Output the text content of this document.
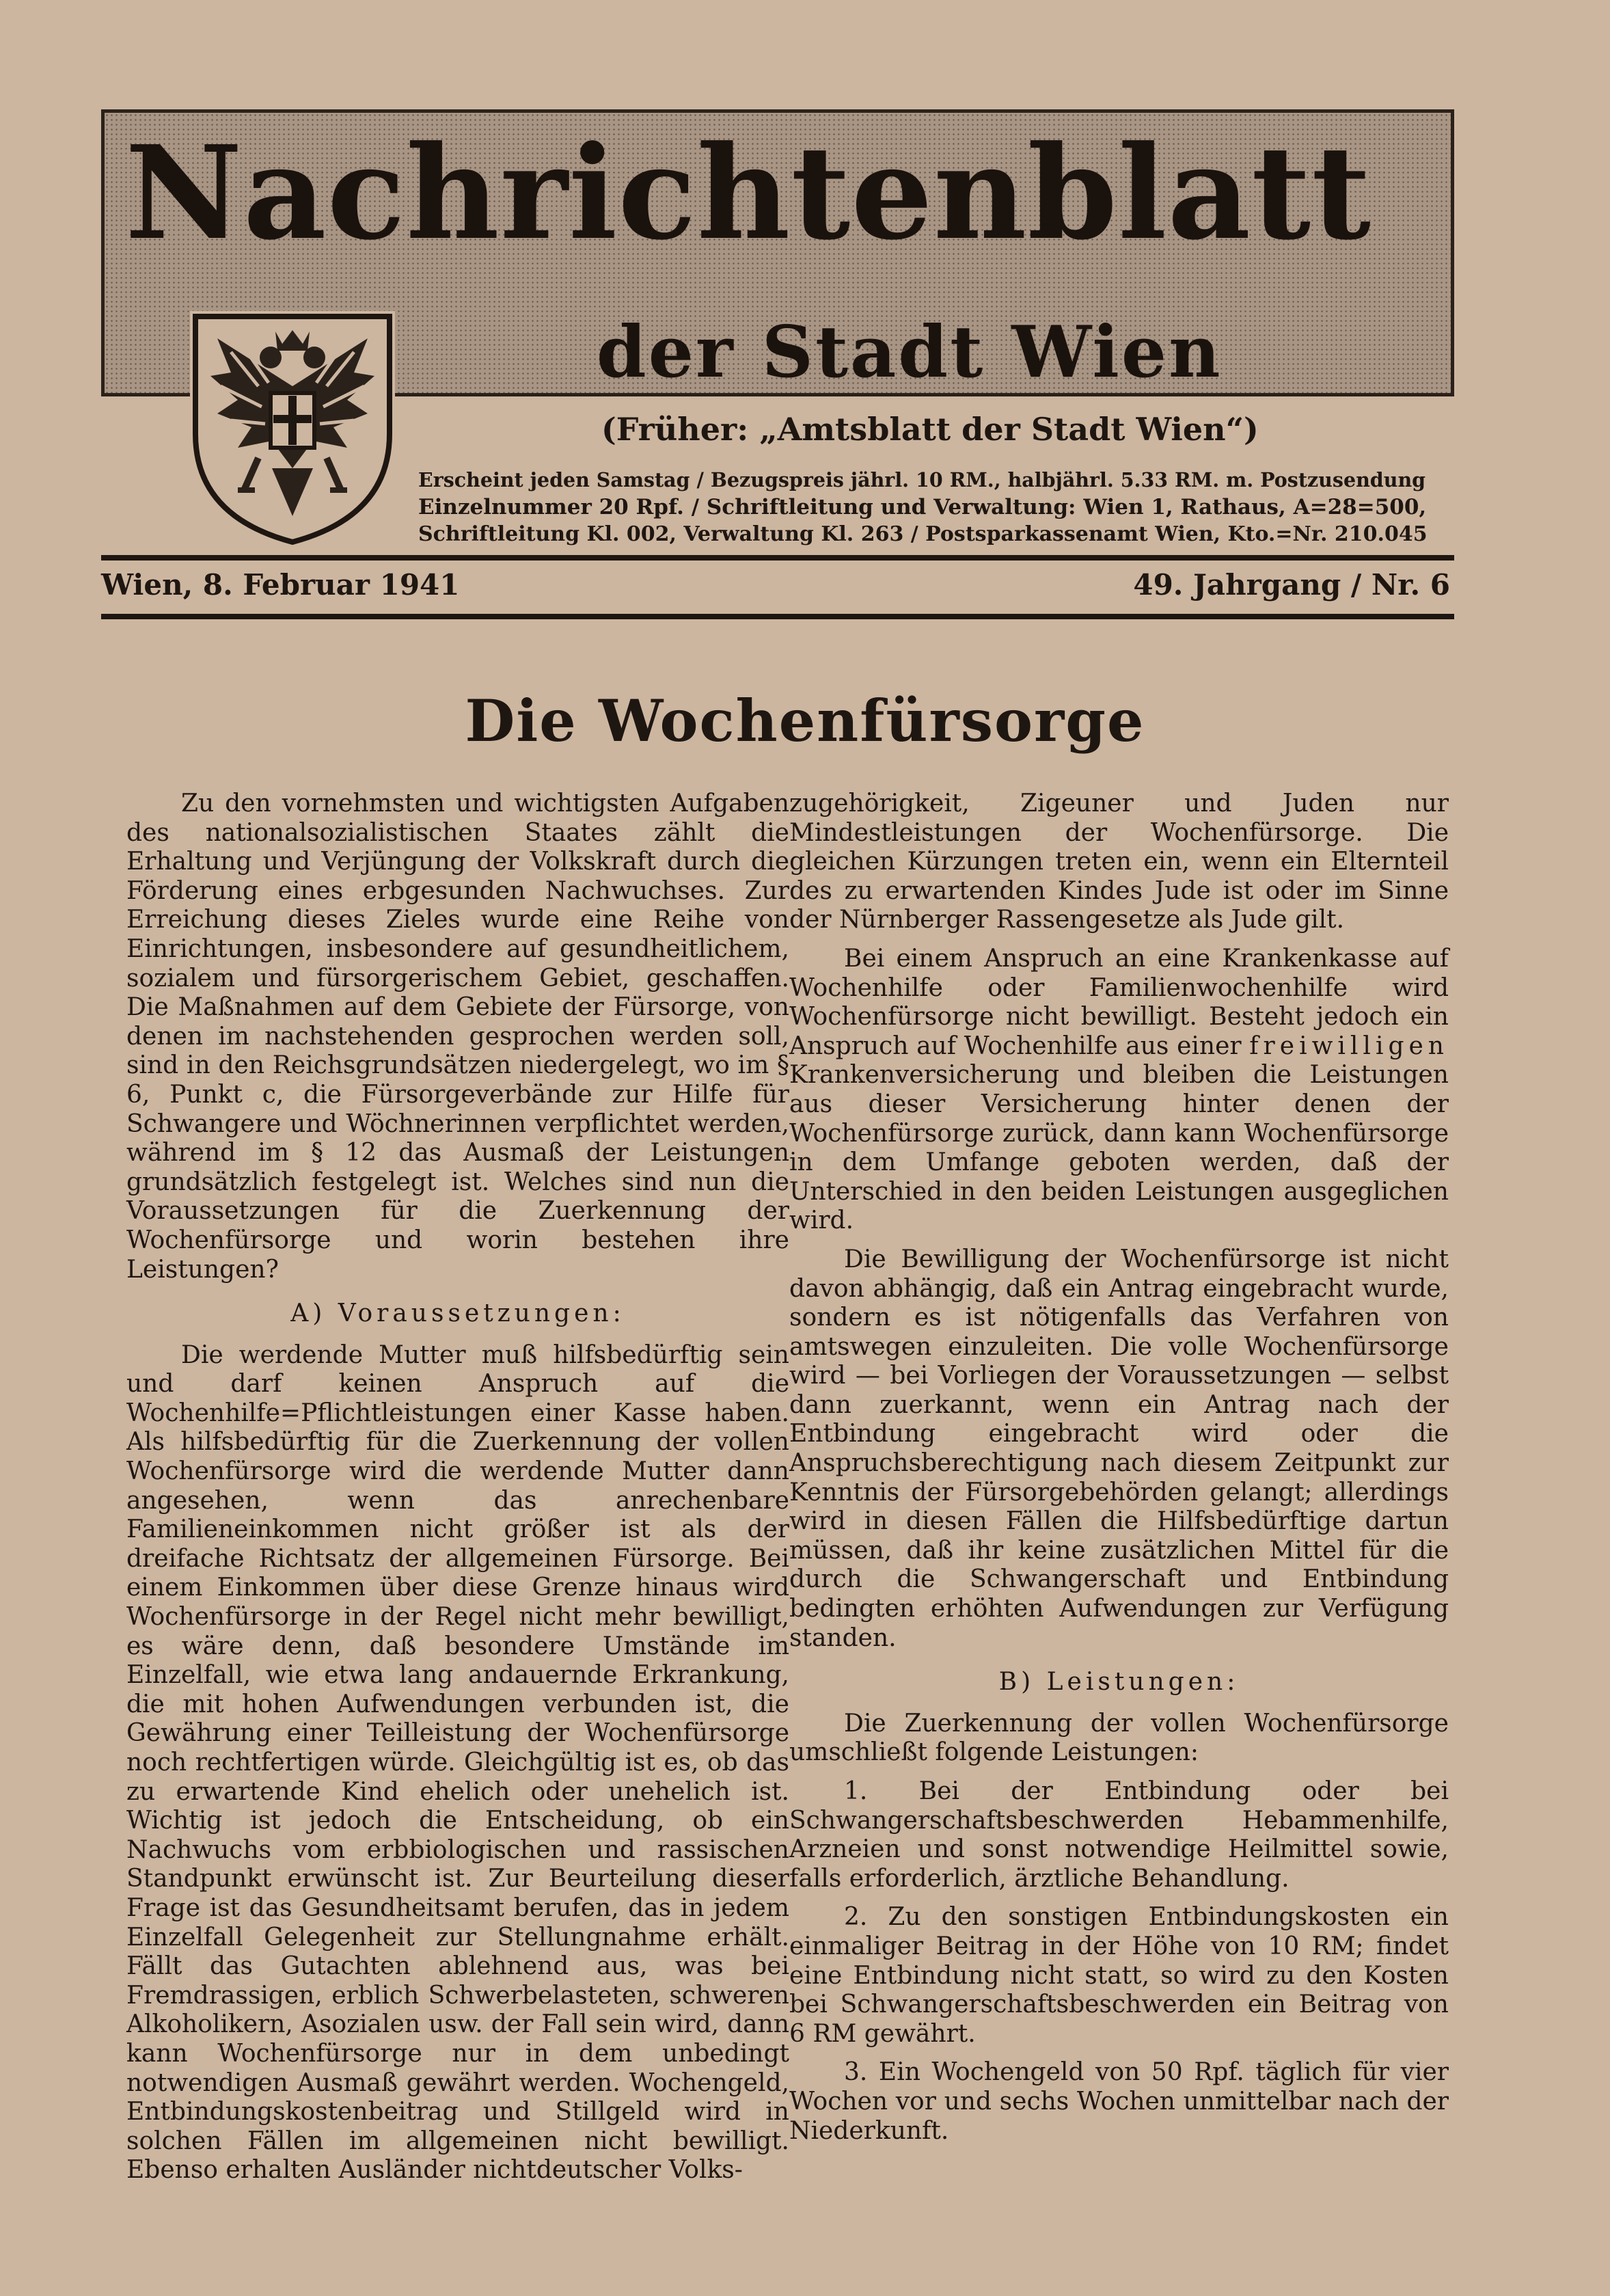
Nachrichtenblatt
der Stadt Wien
(Früher: „Amtsblatt der Stadt Wien“)
Erscheint jeden Samstag / Bezugspreis jährl. 10 RM., halbjährl. 5.33 RM. m. Postzusendung
Einzelnummer 20 Rpf. / Schriftleitung und Verwaltung: Wien 1, Rathaus, A=28=500,
Schriftleitung Kl. 002, Verwaltung Kl. 263 / Postsparkassenamt Wien, Kto.=Nr. 210.045
Wien, 8. Februar 1941	49. Jahrgang / Nr. 6
Die Wochenfürsorge

Zu den vornehmsten und wichtigsten Aufgaben des nationalsozialistischen Staates zählt die Erhaltung und Verjüngung der Volkskraft durch die Förderung eines erbgesunden Nachwuchses. Zur Erreichung dieses Zieles wurde eine Reihe von Einrichtungen, insbesondere auf gesundheitlichem, sozialem und fürsorgerischem Gebiet, geschaffen. Die Maßnahmen auf dem Gebiete der Fürsorge, von denen im nachstehenden gesprochen werden soll, sind in den Reichsgrundsätzen niedergelegt, wo im § 6, Punkt c, die Fürsorgeverbände zur Hilfe für Schwangere und Wöchnerinnen verpflichtet werden, während im § 12 das Ausmaß der Leistungen grundsätzlich festgelegt ist. Welches sind nun die Voraussetzungen für die Zuerkennung der Wochenfürsorge und worin bestehen ihre Leistungen?

A) Voraussetzungen:

Die werdende Mutter muß hilfsbedürftig sein und darf keinen Anspruch auf die Wochenhilfe=Pflichtleistungen einer Kasse haben. Als hilfsbedürftig für die Zuerkennung der vollen Wochenfürsorge wird die werdende Mutter dann angesehen, wenn das anrechenbare Familieneinkommen nicht größer ist als der dreifache Richtsatz der allgemeinen Fürsorge. Bei einem Einkommen über diese Grenze hinaus wird Wochenfürsorge in der Regel nicht mehr bewilligt, es wäre denn, daß besondere Umstände im Einzelfall, wie etwa lang andauernde Erkrankung, die mit hohen Aufwendungen verbunden ist, die Gewährung einer Teilleistung der Wochenfürsorge noch rechtfertigen würde. Gleichgültig ist es, ob das zu erwartende Kind ehelich oder unehelich ist. Wichtig ist jedoch die Entscheidung, ob ein Nachwuchs vom erbbiologischen und rassischen Standpunkt erwünscht ist. Zur Beurteilung dieser Frage ist das Gesundheitsamt berufen, das in jedem Einzelfall Gelegenheit zur Stellungnahme erhält. Fällt das Gutachten ablehnend aus, was bei Fremdrassigen, erblich Schwerbelasteten, schweren Alkoholikern, Asozialen usw. der Fall sein wird, dann kann Wochenfürsorge nur in dem unbedingt notwendigen Ausmaß gewährt werden. Wochengeld, Entbindungskostenbeitrag und Stillgeld wird in solchen Fällen im allgemeinen nicht bewilligt. Ebenso erhalten Ausländer nichtdeutscher Volks-

zugehörigkeit, Zigeuner und Juden nur Mindestleistungen der Wochenfürsorge. Die gleichen Kürzungen treten ein, wenn ein Elternteil des zu erwartenden Kindes Jude ist oder im Sinne der Nürnberger Rassengesetze als Jude gilt.

Bei einem Anspruch an eine Krankenkasse auf Wochenhilfe oder Familienwochenhilfe wird Wochenfürsorge nicht bewilligt. Besteht jedoch ein Anspruch auf Wochenhilfe aus einer freiwilligen Krankenversicherung und bleiben die Leistungen aus dieser Versicherung hinter denen der Wochenfürsorge zurück, dann kann Wochenfürsorge in dem Umfange geboten werden, daß der Unterschied in den beiden Leistungen ausgeglichen wird.

Die Bewilligung der Wochenfürsorge ist nicht davon abhängig, daß ein Antrag eingebracht wurde, sondern es ist nötigenfalls das Verfahren von amtswegen einzuleiten. Die volle Wochenfürsorge wird — bei Vorliegen der Voraussetzungen — selbst dann zuerkannt, wenn ein Antrag nach der Entbindung eingebracht wird oder die Anspruchsberechtigung nach diesem Zeitpunkt zur Kenntnis der Fürsorgebehörden gelangt; allerdings wird in diesen Fällen die Hilfsbedürftige dartun müssen, daß ihr keine zusätzlichen Mittel für die durch die Schwangerschaft und Entbindung bedingten erhöhten Aufwendungen zur Verfügung standen.

B) Leistungen:

Die Zuerkennung der vollen Wochenfürsorge umschließt folgende Leistungen:

1. Bei der Entbindung oder bei Schwangerschaftsbeschwerden Hebammenhilfe, Arzneien und sonst notwendige Heilmittel sowie, falls erforderlich, ärztliche Behandlung.

2. Zu den sonstigen Entbindungskosten ein einmaliger Beitrag in der Höhe von 10 RM; findet eine Entbindung nicht statt, so wird zu den Kosten bei Schwangerschaftsbeschwerden ein Beitrag von 6 RM gewährt.

3. Ein Wochengeld von 50 Rpf. täglich für vier Wochen vor und sechs Wochen unmittelbar nach der Niederkunft.
